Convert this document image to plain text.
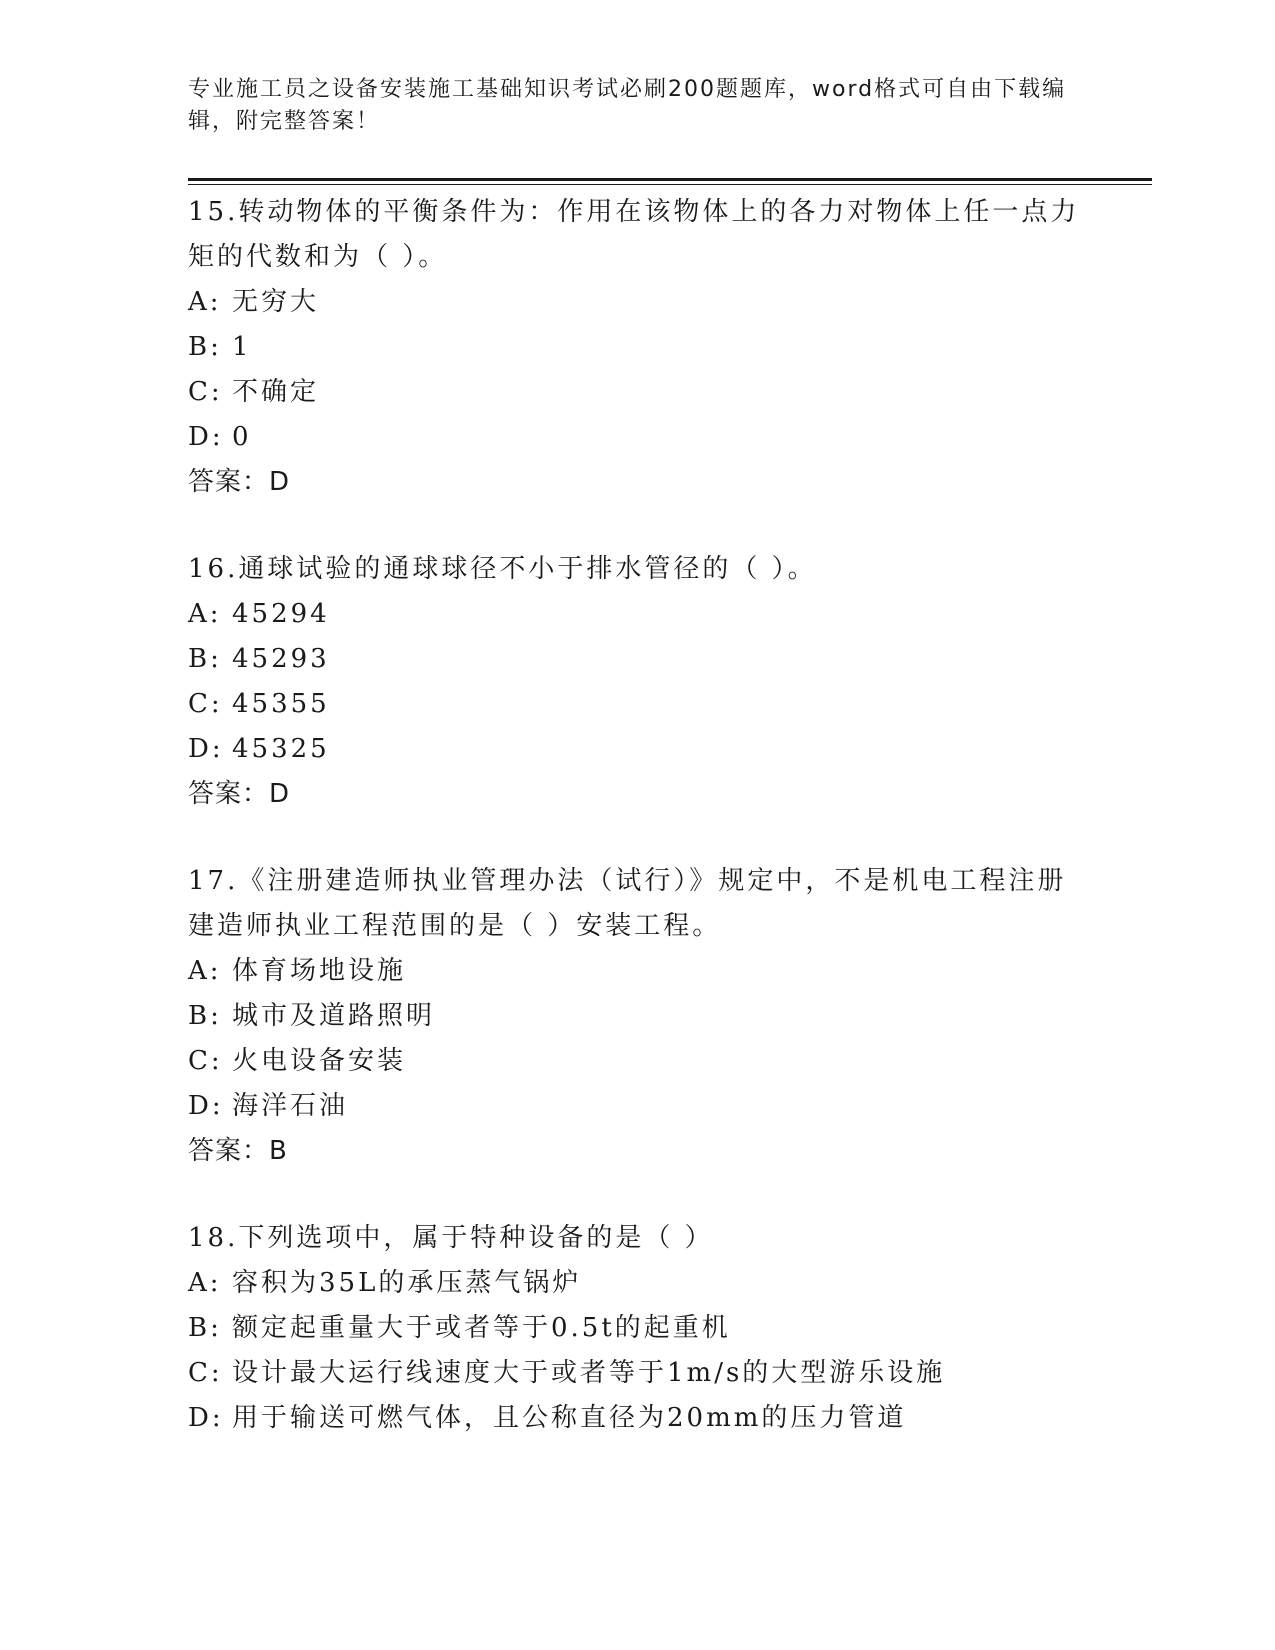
专业施工员之设备安装施工基础知识考试必刷200题题库，word格式可自由下载编辑，附完整答案！
15.转动物体的平衡条件为：作用在该物体上的各力对物体上任一点力矩的代数和为（ ）。
A: 无穷大
B: 1
C: 不确定
D: 0
答案：D
16.通球试验的通球球径不小于排水管径的（ ）。
A: 45294
B: 45293
C: 45355
D: 45325
答案：D
17.《注册建造师执业管理办法（试行）》规定中，不是机电工程注册建造师执业工程范围的是（ ）安装工程。
A: 体育场地设施
B: 城市及道路照明
C: 火电设备安装
D: 海洋石油
答案：B
18.下列选项中，属于特种设备的是（ ）
A: 容积为35L的承压蒸气锅炉
B: 额定起重量大于或者等于0.5t的起重机
C: 设计最大运行线速度大于或者等于1m/s的大型游乐设施
D: 用于输送可燃气体，且公称直径为20mm的压力管道
